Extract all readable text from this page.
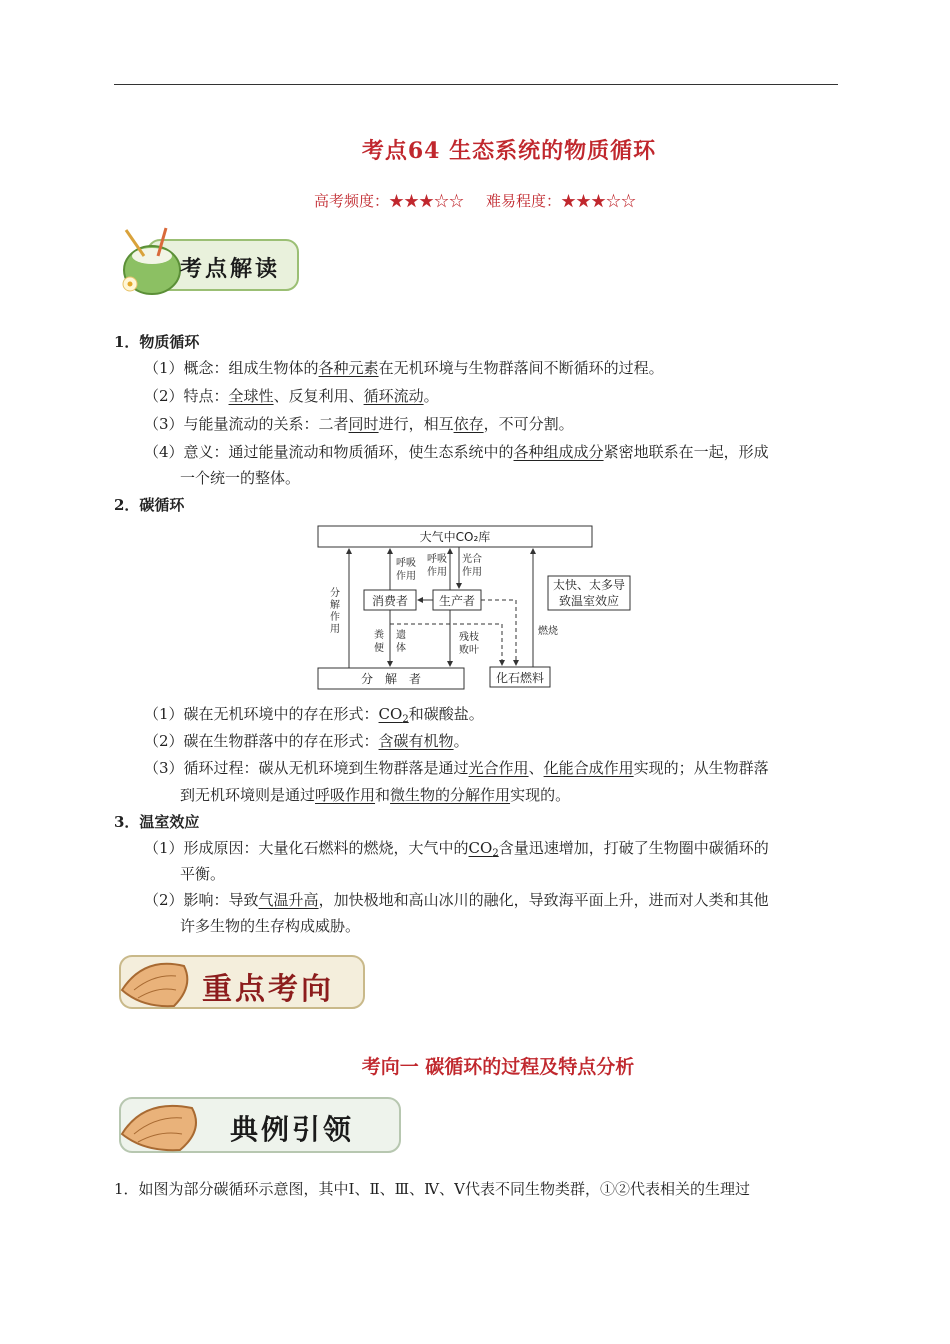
考点64 生态系统的物质循环
高考频度：★★★☆☆ 难易程度：★★★☆☆
考点解读
1．物质循环
（1）概念：组成生物体的各种元素在无机环境与生物群落间不断循环的过程。
（2）特点：全球性、反复利用、循环流动。
（3）与能量流动的关系：二者同时进行，相互依存，不可分割。
（4）意义：通过能量流动和物质循环，使生态系统中的各种组成成分紧密地联系在一起，形成
一个统一的整体。
2．碳循环
大气中CO₂库
消费者	生产者
分　解　者	化石燃料
太快、太多导
致温室效应
分
解
作
用
呼吸
作用
呼吸
作用
光合
作用
粪
便
遗
体
残枝
败叶
燃烧
（1）碳在无机环境中的存在形式：$CO_2$和碳酸盐。
（2）碳在生物群落中的存在形式：含碳有机物。
（3）循环过程：碳从无机环境到生物群落是通过光合作用、化能合成作用实现的；从生物群落
到无机环境则是通过呼吸作用和微生物的分解作用实现的。
3．温室效应
（1）形成原因：大量化石燃料的燃烧，大气中的$CO_2$含量迅速增加，打破了生物圈中碳循环的
平衡。
（2）影响：导致气温升高，加快极地和高山冰川的融化，导致海平面上升，进而对人类和其他
许多生物的生存构成威胁。
重点考向
考向一 碳循环的过程及特点分析
典例引领
1．如图为部分碳循环示意图，其中Ⅰ、Ⅱ、Ⅲ、Ⅳ、Ⅴ代表不同生物类群，①②代表相关的生理过
